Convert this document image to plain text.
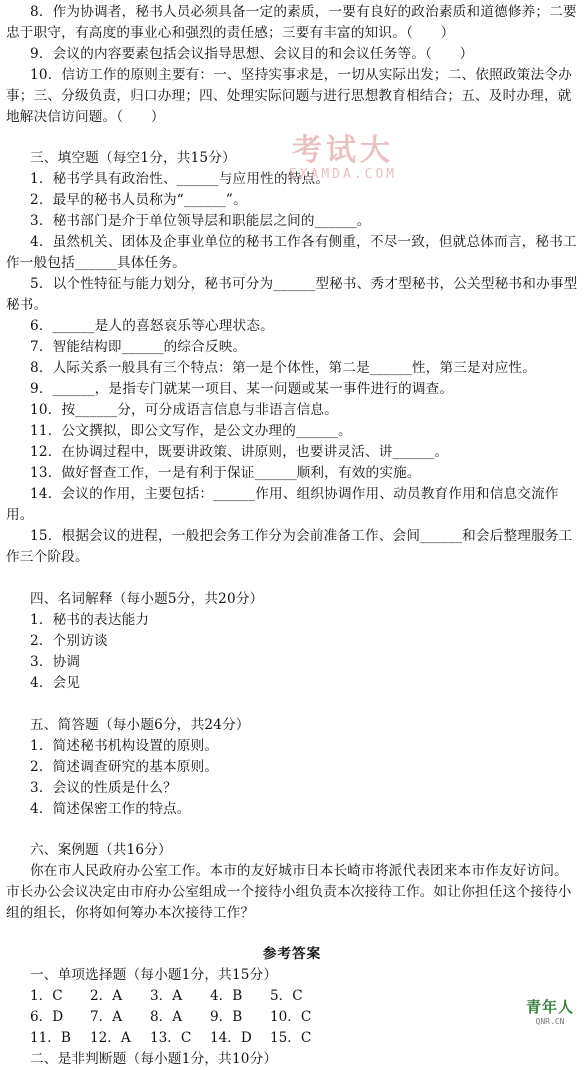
8．作为协调者，秘书人员必须具备一定的素质，一要有良好的政治素质和道德修养；二要忠于职守，有高度的事业心和强烈的责任感；三要有丰富的知识。（　　）
9．会议的内容要素包括会议指导思想、会议目的和会议任务等。（　　）
10．信访工作的原则主要有：一、坚持实事求是，一切从实际出发；二、依照政策法令办事；三、分级负责，归口办理；四、处理实际问题与进行思想教育相结合；五、及时办理，就地解决信访问题。（　　）
三、填空题（每空1分，共15分）
1．秘书学具有政治性、______与应用性的特点。
2．最早的秘书人员称为“______”。
3．秘书部门是介于单位领导层和职能层之间的______。
4．虽然机关、团体及企事业单位的秘书工作各有侧重，不尽一致，但就总体而言，秘书工作一般包括______具体任务。
5．以个性特征与能力划分，秘书可分为______型秘书、秀才型秘书，公关型秘书和办事型秘书。
6．______是人的喜怒哀乐等心理状态。
7．智能结构即______的综合反映。
8．人际关系一般具有三个特点：第一是个体性，第二是______性，第三是对应性。
9．______，是指专门就某一项目、某一问题或某一事件进行的调查。
10．按______分，可分成语言信息与非语言信息。
11．公文撰拟，即公文写作，是公文办理的______。
12．在协调过程中，既要讲政策、讲原则，也要讲灵活、讲______。
13．做好督查工作，一是有利于保证______顺利，有效的实施。
14．会议的作用，主要包括：______作用、组织协调作用、动员教育作用和信息交流作用。
15．根据会议的进程，一般把会务工作分为会前准备工作、会间______和会后整理服务工作三个阶段。
四、名词解释（每小题5分，共20分）
1．秘书的表达能力
2．个别访谈
3．协调
4．会见
五、简答题（每小题6分，共24分）
1．简述秘书机构设置的原则。
2．简述调查研究的基本原则。
3．会议的性质是什么？
4．简述保密工作的特点。
六、案例题（共16分）
你在市人民政府办公室工作。本市的友好城市日本长崎市将派代表团来本市作友好访问。市长办公会议决定由市府办公室组成一个接待小组负责本次接待工作。如让你担任这个接待小组的组长，你将如何筹办本次接待工作？
参考答案
一、单项选择题（每小题1分，共15分）
1．C 2．A 3．A 4．B 5．C
6．D 7．A 8．A 9．B 10．C
11．B 12．A 13．C 14．D 15．C
二、是非判断题（每小题1分，共10分）
考试大
EXAMDA.COM
青年人
QNR.CN
